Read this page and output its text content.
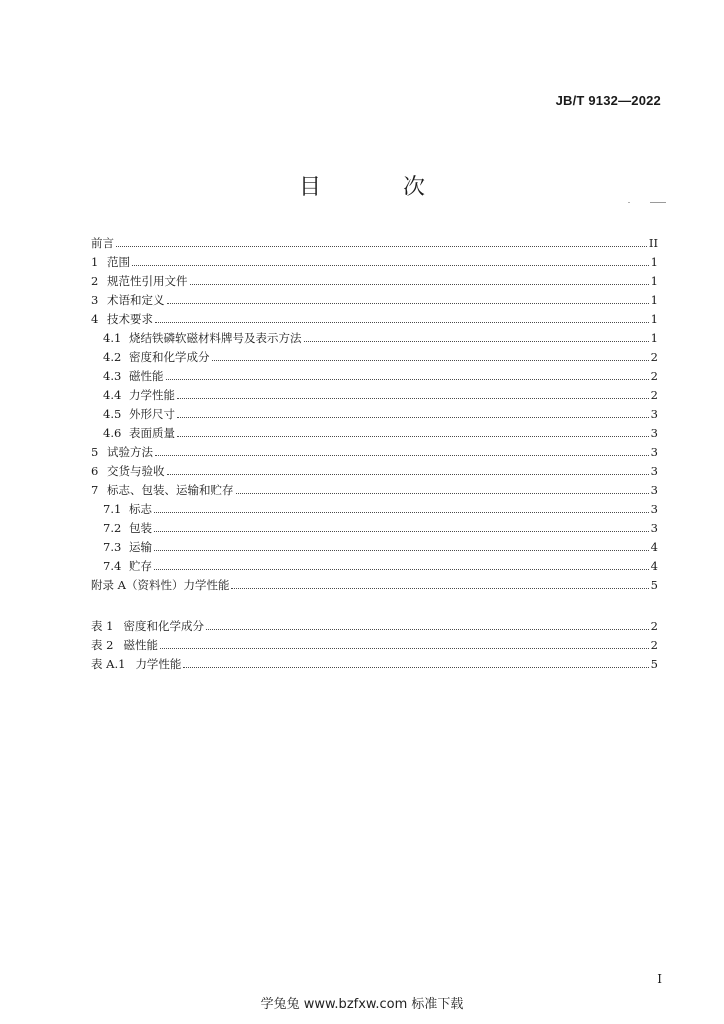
JB/T 9132—2022
目　次
前言	II
1 范围	1
2 规范性引用文件	1
3 术语和定义	1
4 技术要求	1
4.1 烧结铁磷软磁材料牌号及表示方法	1
4.2 密度和化学成分	2
4.3 磁性能	2
4.4 力学性能	2
4.5 外形尺寸	3
4.6 表面质量	3
5 试验方法	3
6 交货与验收	3
7 标志、包装、运输和贮存	3
7.1 标志	3
7.2 包装	3
7.3 运输	4
7.4 贮存	4
附录 A（资料性）力学性能	5
表 1 密度和化学成分	2
表 2 磁性能	2
表 A.1 力学性能	5
I
学兔兔 www.bzfxw.com 标准下载
